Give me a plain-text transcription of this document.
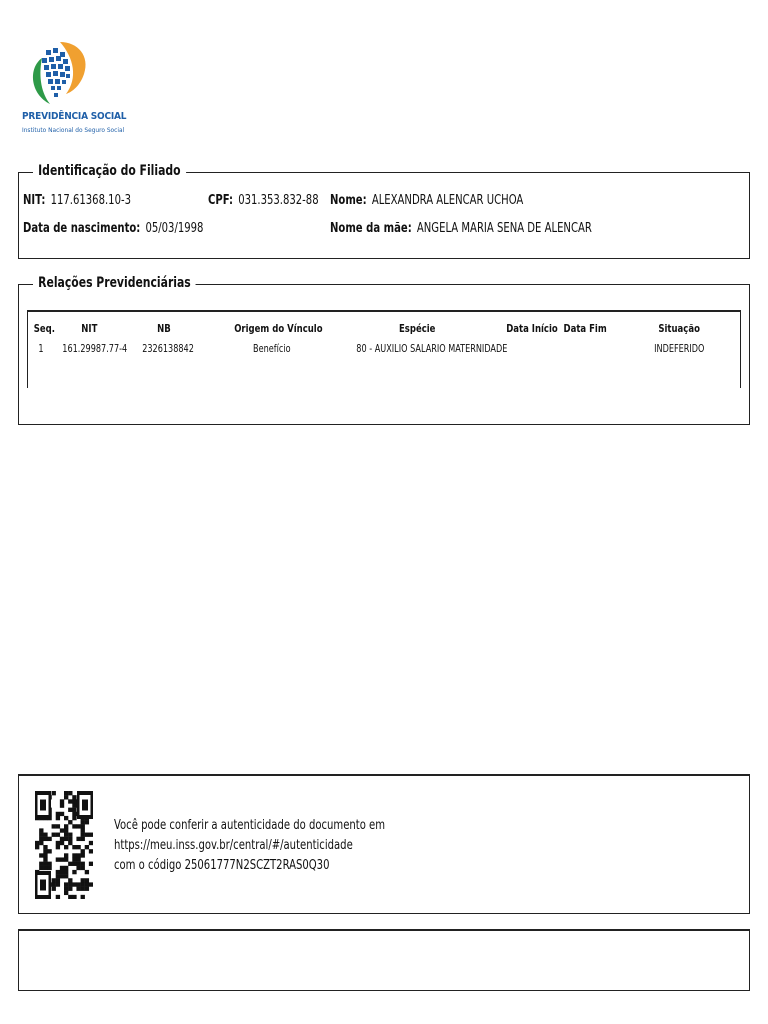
PREVIDÊNCIA SOCIAL
Instituto Nacional do Seguro Social
Identificação do Filiado
NIT: 117.61368.10-3	CPF: 031.353.832-88 Nome: ALEXANDRA ALENCAR UCHOA
Data de nascimento: 05/03/1998	Nome da mãe: ANGELA MARIA SENA DE ALENCAR
Relações Previdenciárias
Seq. NIT	NB	Origem do Vínculo	Espécie	Data Início Data Fim	Situação
1 161.29987.77-4 2326138842	Benefício	80 - AUXILIO SALARIO MATERNIDADE	INDEFERIDO
Você pode conferir a autenticidade do documento em
https://meu.inss.gov.br/central/#/autenticidade
com o código 25061777N2SCZT2RAS0Q30
